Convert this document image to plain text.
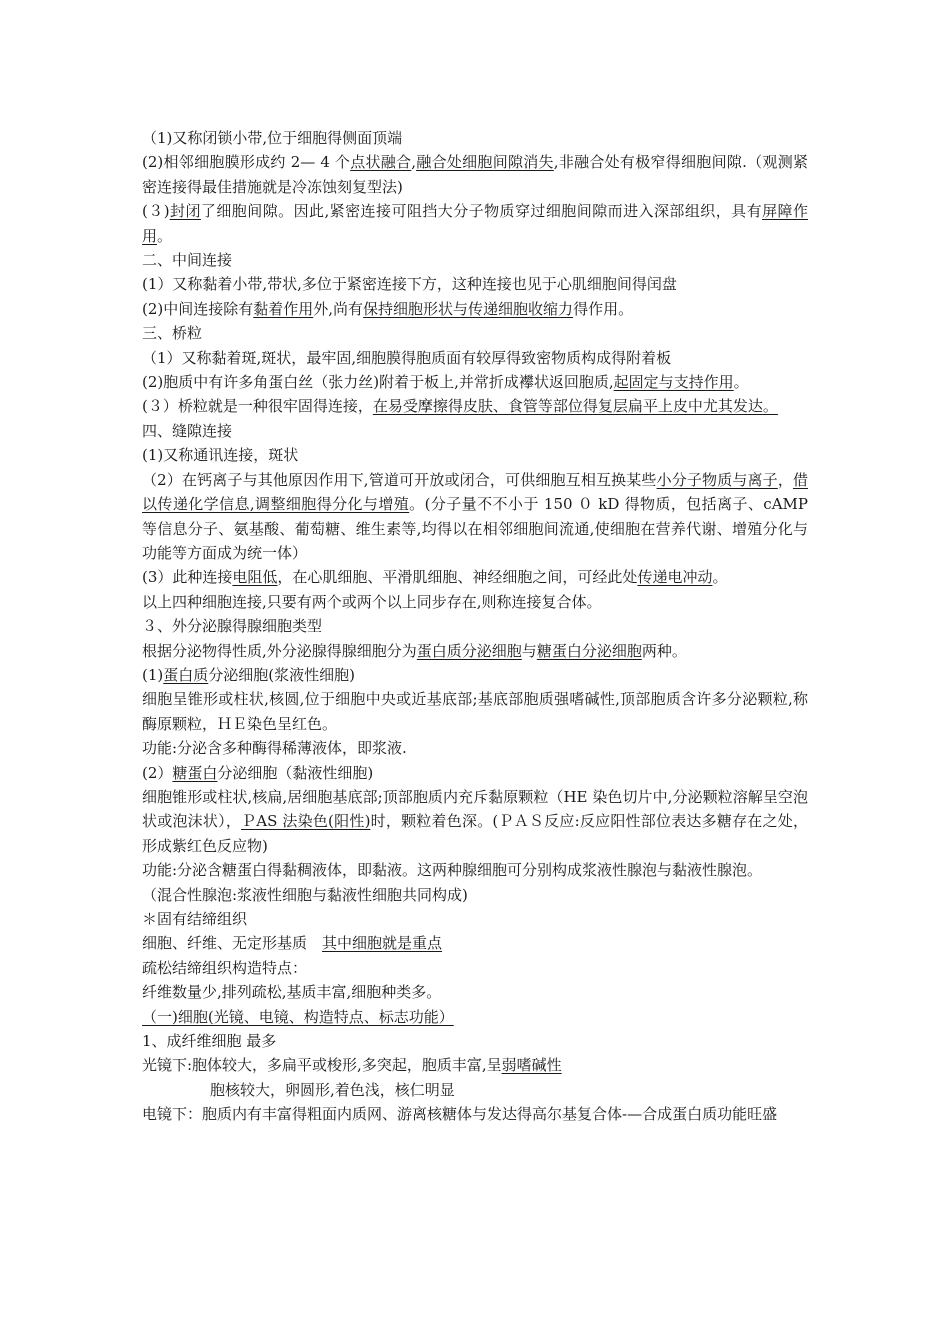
（1)又称闭锁小带,位于细胞得侧面顶端

(2)相邻细胞膜形成约 2— 4 个点状融合,融合处细胞间隙消失,非融合处有极窄得细胞间隙.（观测紧密连接得最佳措施就是冷冻蚀刻复型法)

(３)封闭了细胞间隙。因此,紧密连接可阻挡大分子物质穿过细胞间隙而进入深部组织，具有屏障作用。

二、中间连接

(1）又称黏着小带,带状,多位于紧密连接下方，这种连接也见于心肌细胞间得闰盘

(2)中间连接除有黏着作用外,尚有保持细胞形状与传递细胞收缩力得作用。

三、桥粒

（1）又称黏着斑,斑状，最牢固,细胞膜得胞质面有较厚得致密物质构成得附着板

(2)胞质中有许多角蛋白丝（张力丝)附着于板上,并常折成襻状返回胞质,起固定与支持作用。

(３）桥粒就是一种很牢固得连接，在易受摩擦得皮肤、食管等部位得复层扁平上皮中尤其发达。

四、缝隙连接

(1)又称通讯连接，斑状

（2）在钙离子与其他原因作用下,管道可开放或闭合，可供细胞互相互换某些小分子物质与离子，借以传递化学信息,调整细胞得分化与增殖。(分子量不不小于 150 ０ kD 得物质，包括离子、cAMP 等信息分子、氨基酸、葡萄糖、维生素等,均得以在相邻细胞间流通,使细胞在营养代谢、增殖分化与功能等方面成为统一体）

(3）此种连接电阻低，在心肌细胞、平滑肌细胞、神经细胞之间，可经此处传递电冲动。

以上四种细胞连接,只要有两个或两个以上同步存在,则称连接复合体。

３、外分泌腺得腺细胞类型

根据分泌物得性质,外分泌腺得腺细胞分为蛋白质分泌细胞与糖蛋白分泌细胞两种。

(1)蛋白质分泌细胞(浆液性细胞)

细胞呈锥形或柱状,核圆,位于细胞中央或近基底部;基底部胞质强嗜碱性,顶部胞质含许多分泌颗粒,称酶原颗粒，ＨＥ染色呈红色。

功能:分泌含多种酶得稀薄液体，即浆液.

(2）糖蛋白分泌细胞（黏液性细胞)

细胞锥形或柱状,核扁,居细胞基底部;顶部胞质内充斥黏原颗粒（HE 染色切片中,分泌颗粒溶解呈空泡状或泡沫状），ＰAS 法染色(阳性)时，颗粒着色深。(ＰＡＳ反应:反应阳性部位表达多糖存在之处，形成紫红色反应物)

功能:分泌含糖蛋白得黏稠液体，即黏液。这两种腺细胞可分别构成浆液性腺泡与黏液性腺泡。

（混合性腺泡:浆液性细胞与黏液性细胞共同构成)

＊固有结缔组织

细胞、纤维、无定形基质　其中细胞就是重点

疏松结缔组织构造特点：

纤维数量少,排列疏松,基质丰富,细胞种类多。

（一)细胞(光镜、电镜、构造特点、标志功能）

1、成纤维细胞 最多

光镜下:胞体较大，多扁平或梭形,多突起，胞质丰富,呈弱嗜碱性

胞核较大，卵圆形,着色浅，核仁明显

电镜下：胞质内有丰富得粗面内质网、游离核糖体与发达得高尔基复合体-—合成蛋白质功能旺盛
